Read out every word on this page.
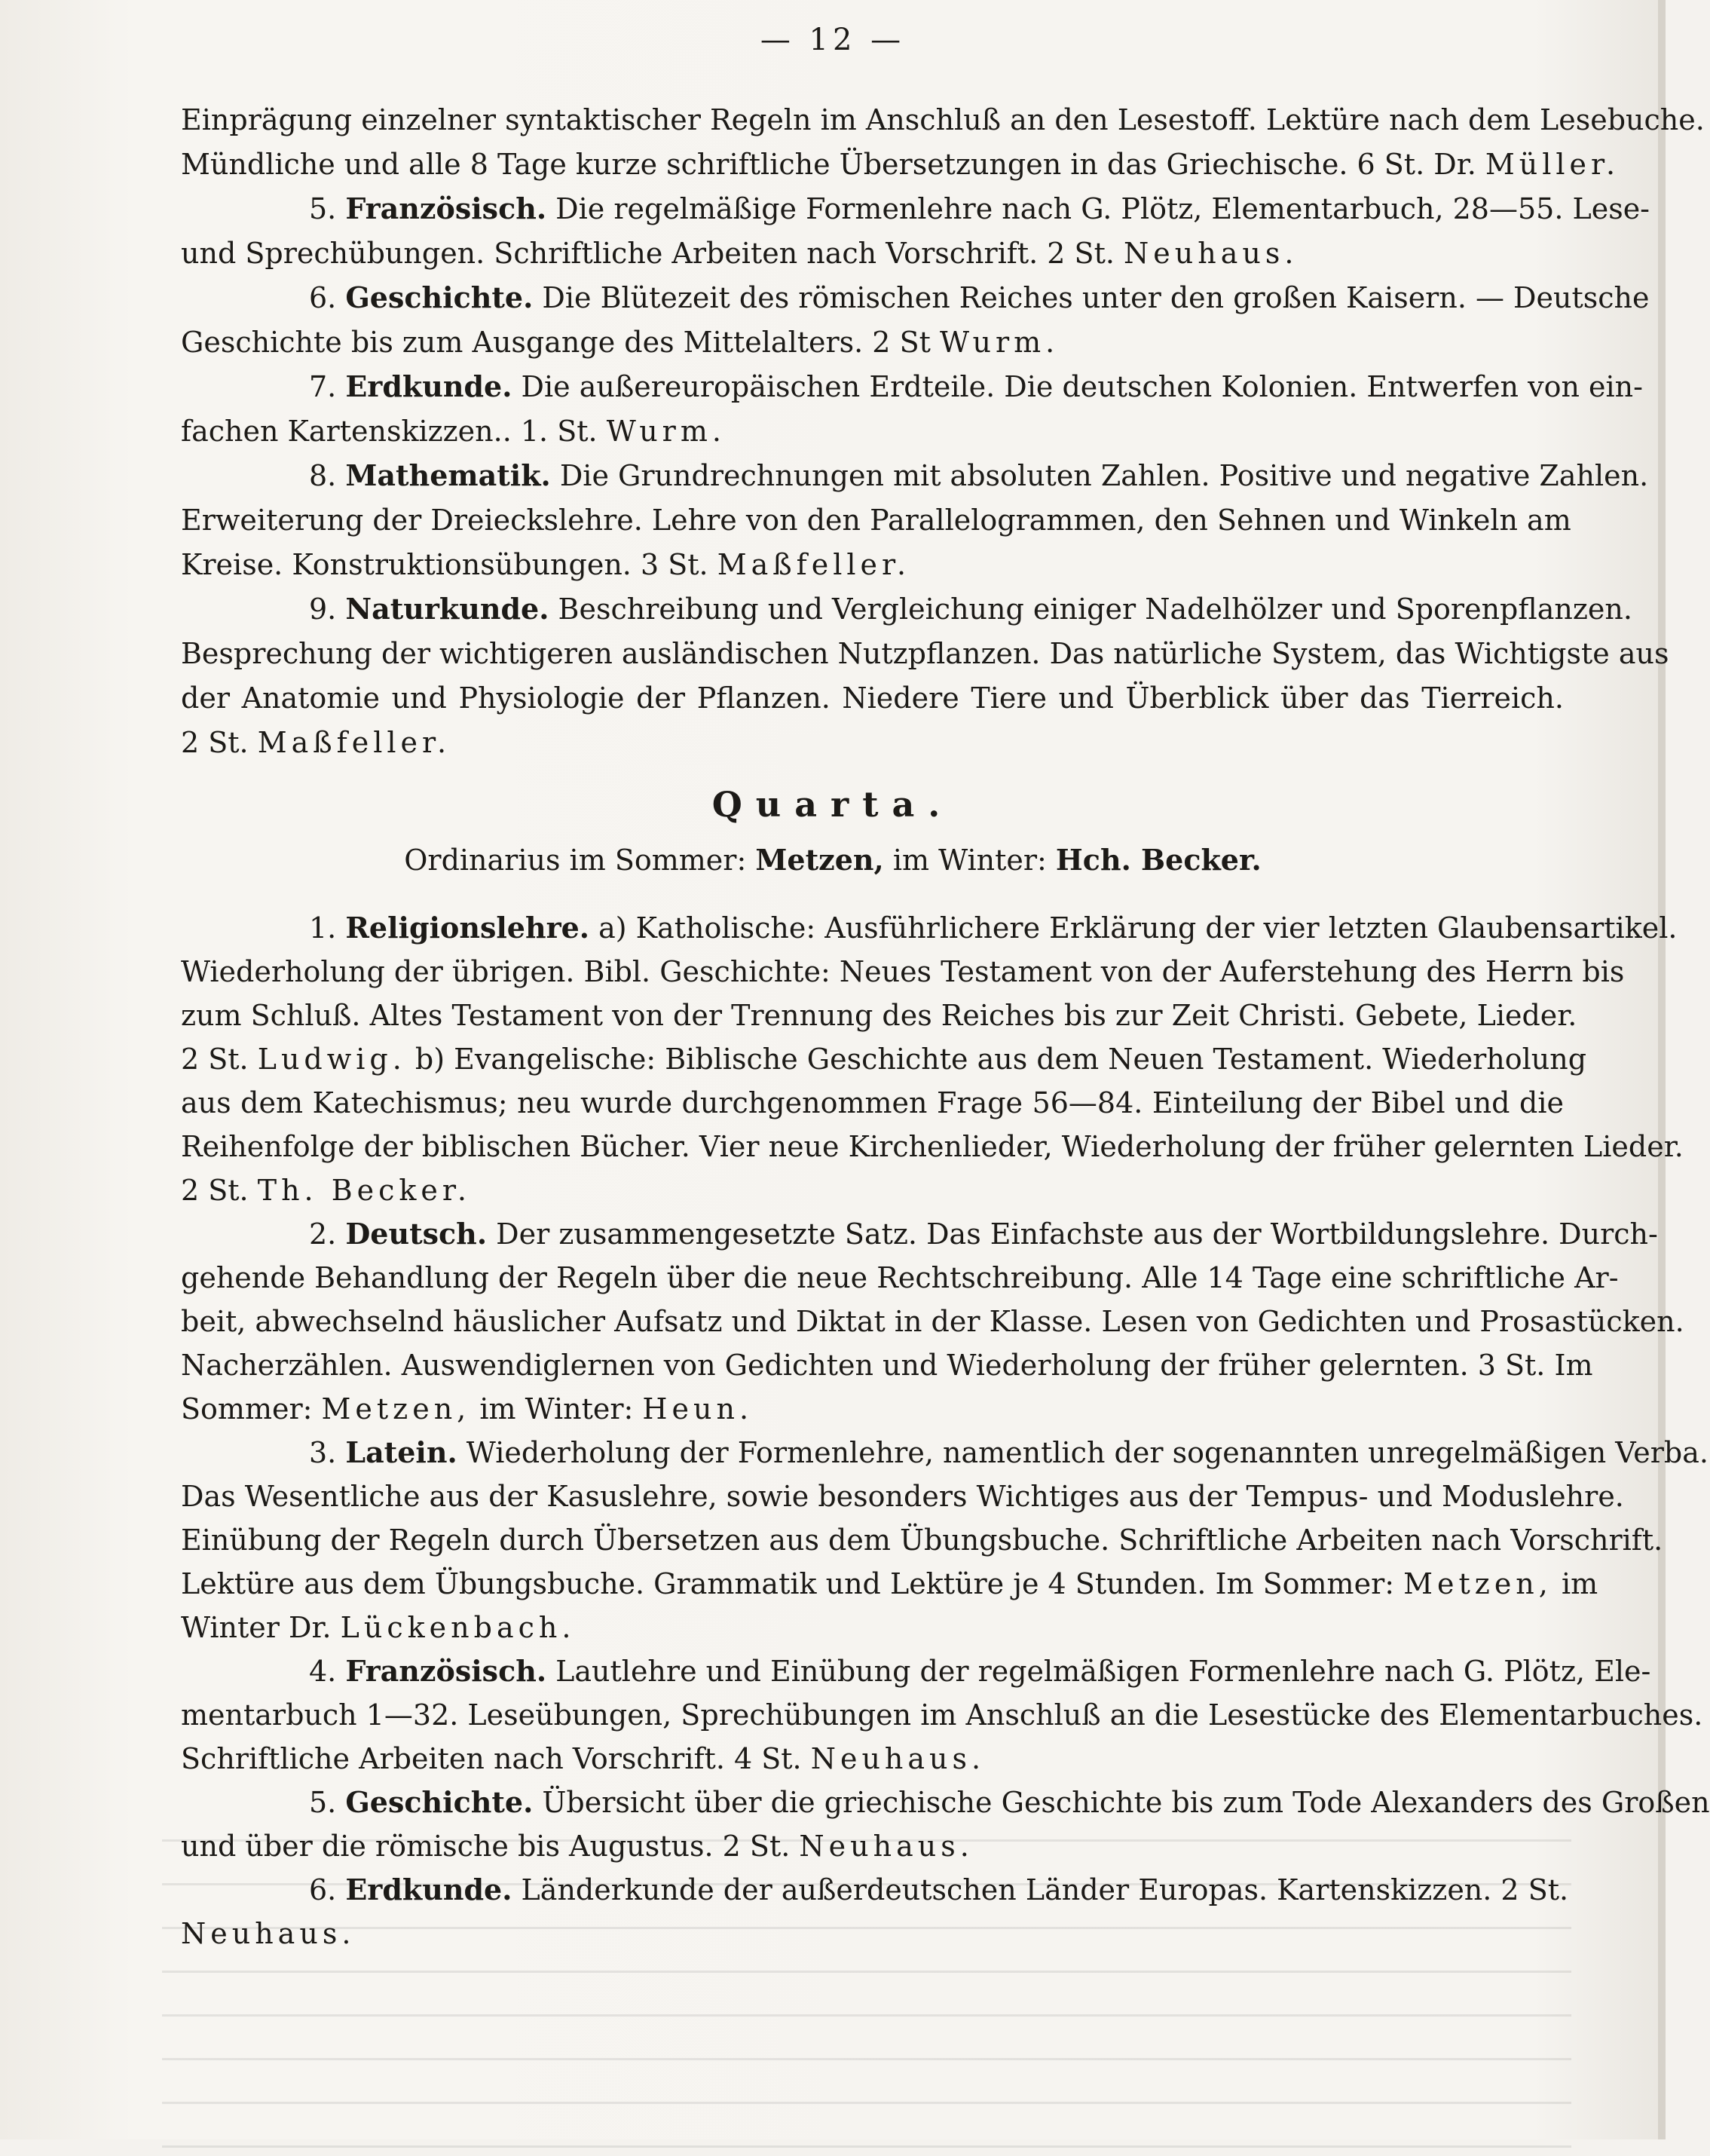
— 12 —
Einprägung einzelner syntaktischer Regeln im Anschluß an den Lesestoff. Lektüre nach dem Lesebuche.
Mündliche und alle 8 Tage kurze schriftliche Übersetzungen in das Griechische. 6 St. Dr. Müller.
5. Französisch. Die regelmäßige Formenlehre nach G. Plötz, Elementarbuch, 28—55. Lese-
und Sprechübungen. Schriftliche Arbeiten nach Vorschrift. 2 St. Neuhaus.
6. Geschichte. Die Blütezeit des römischen Reiches unter den großen Kaisern. — Deutsche
Geschichte bis zum Ausgange des Mittelalters. 2 St Wurm.
7. Erdkunde. Die außereuropäischen Erdteile. Die deutschen Kolonien. Entwerfen von ein-
fachen Kartenskizzen.. 1. St. Wurm.
8. Mathematik. Die Grundrechnungen mit absoluten Zahlen. Positive und negative Zahlen.
Erweiterung der Dreieckslehre. Lehre von den Parallelogrammen, den Sehnen und Winkeln am
Kreise. Konstruktionsübungen. 3 St. Maßfeller.
9. Naturkunde. Beschreibung und Vergleichung einiger Nadelhölzer und Sporenpflanzen.
Besprechung der wichtigeren ausländischen Nutzpflanzen. Das natürliche System, das Wichtigste aus
der Anatomie und Physiologie der Pflanzen. Niedere Tiere und Überblick über das Tierreich.
2 St. Maßfeller.
Quarta.
Ordinarius im Sommer: Metzen, im Winter: Hch. Becker.
1. Religionslehre. a) Katholische: Ausführlichere Erklärung der vier letzten Glaubensartikel.
Wiederholung der übrigen. Bibl. Geschichte: Neues Testament von der Auferstehung des Herrn bis
zum Schluß. Altes Testament von der Trennung des Reiches bis zur Zeit Christi. Gebete, Lieder.
2 St. Ludwig. b) Evangelische: Biblische Geschichte aus dem Neuen Testament. Wiederholung
aus dem Katechismus; neu wurde durchgenommen Frage 56—84. Einteilung der Bibel und die
Reihenfolge der biblischen Bücher. Vier neue Kirchenlieder, Wiederholung der früher gelernten Lieder.
2 St. Th. Becker.
2. Deutsch. Der zusammengesetzte Satz. Das Einfachste aus der Wortbildungslehre. Durch-
gehende Behandlung der Regeln über die neue Rechtschreibung. Alle 14 Tage eine schriftliche Ar-
beit, abwechselnd häuslicher Aufsatz und Diktat in der Klasse. Lesen von Gedichten und Prosastücken.
Nacherzählen. Auswendiglernen von Gedichten und Wiederholung der früher gelernten. 3 St. Im
Sommer: Metzen, im Winter: Heun.
3. Latein. Wiederholung der Formenlehre, namentlich der sogenannten unregelmäßigen Verba.
Das Wesentliche aus der Kasuslehre, sowie besonders Wichtiges aus der Tempus- und Moduslehre.
Einübung der Regeln durch Übersetzen aus dem Übungsbuche. Schriftliche Arbeiten nach Vorschrift.
Lektüre aus dem Übungsbuche. Grammatik und Lektüre je 4 Stunden. Im Sommer: Metzen, im
Winter Dr. Lückenbach.
4. Französisch. Lautlehre und Einübung der regelmäßigen Formenlehre nach G. Plötz, Ele-
mentarbuch 1—32. Leseübungen, Sprechübungen im Anschluß an die Lesestücke des Elementarbuches.
Schriftliche Arbeiten nach Vorschrift. 4 St. Neuhaus.
5. Geschichte. Übersicht über die griechische Geschichte bis zum Tode Alexanders des Großen
und über die römische bis Augustus. 2 St. Neuhaus.
6. Erdkunde. Länderkunde der außerdeutschen Länder Europas. Kartenskizzen. 2 St.
Neuhaus.
